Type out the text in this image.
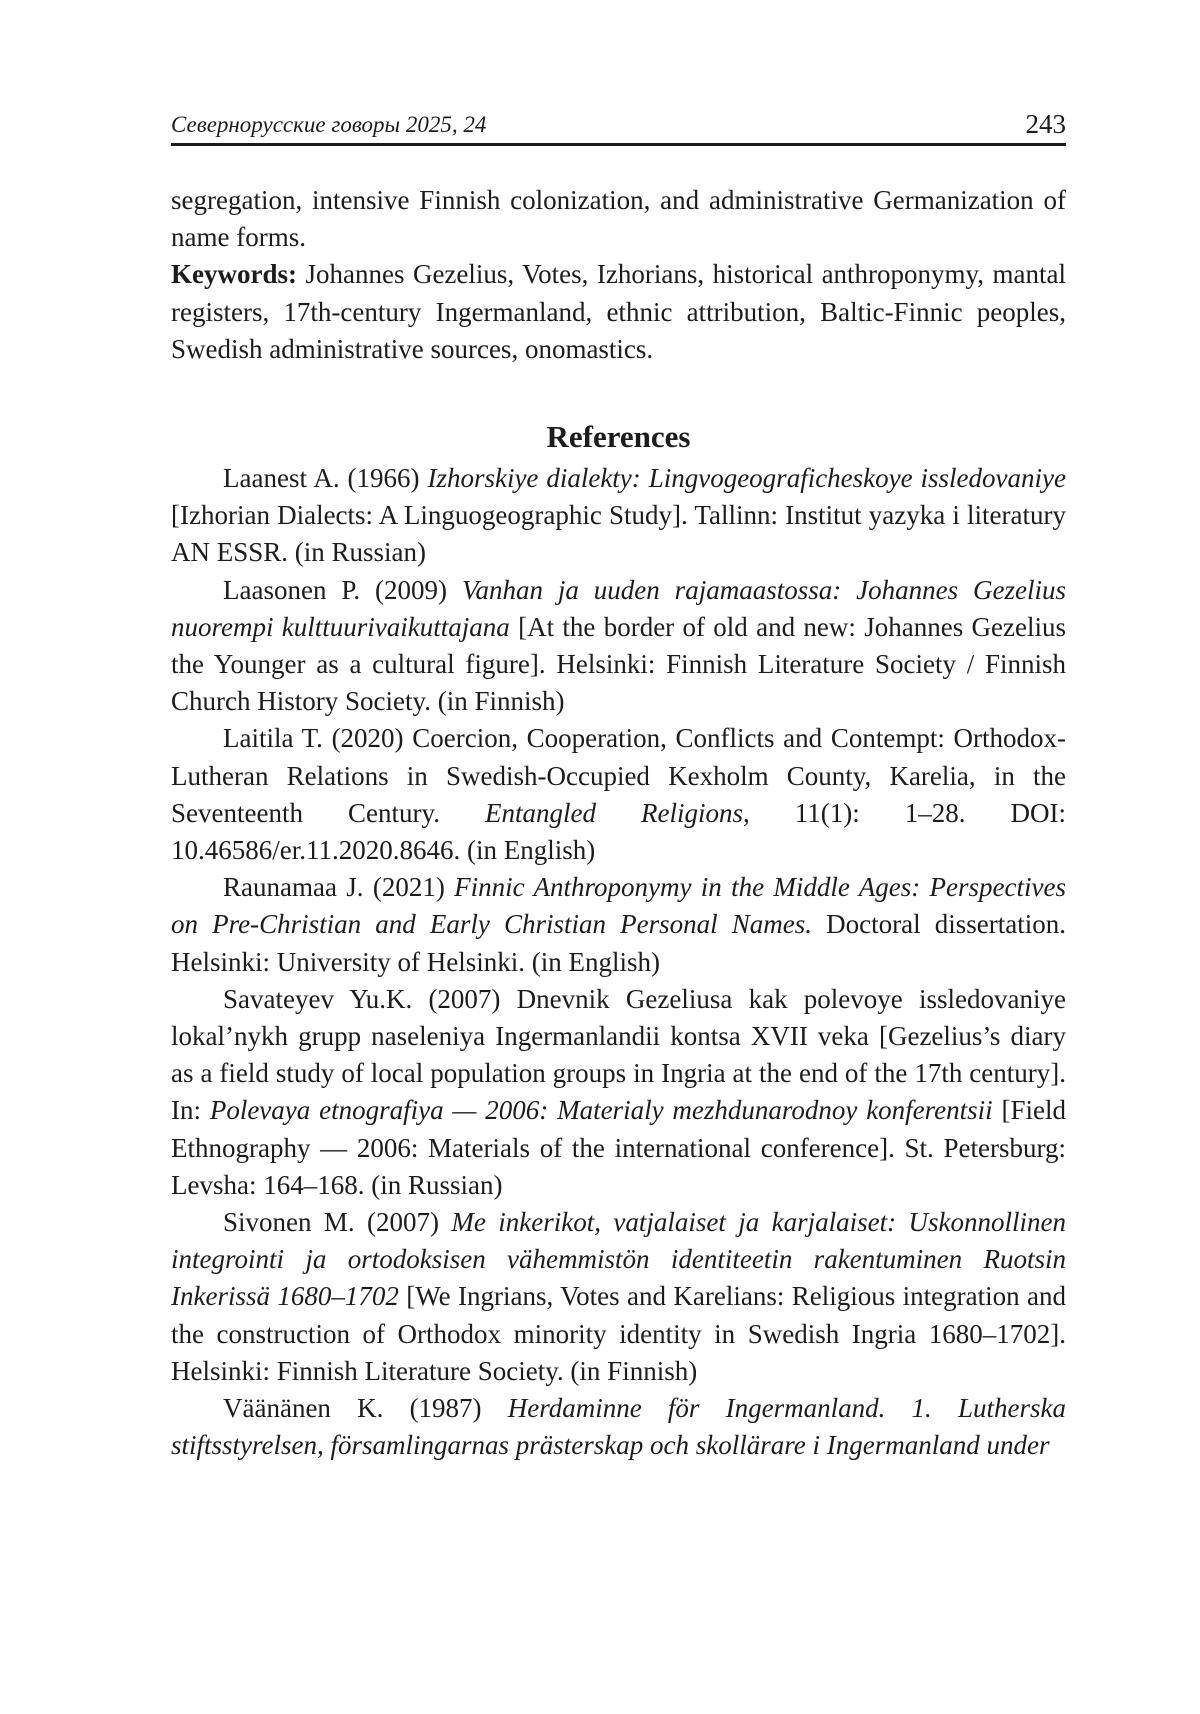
Севернорусские говоры 2025, 24	243

segregation, intensive Finnish colonization, and administrative Germanization of name forms.

Keywords: Johannes Gezelius, Votes, Izhorians, historical anthroponymy, mantal registers, 17th-century Ingermanland, ethnic attribution, Baltic-Finnic peoples, Swedish administrative sources, onomastics.

References

Laanest A. (1966) Izhorskiye dialekty: Lingvogeograficheskoye issledovaniye [Izhorian Dialects: A Linguogeographic Study]. Tallinn: Institut yazyka i literatury AN ESSR. (in Russian)

Laasonen P. (2009) Vanhan ja uuden rajamaastossa: Johannes Gezelius nuorempi kulttuurivaikuttajana [At the border of old and new: Johannes Gezelius the Younger as a cultural figure]. Helsinki: Finnish Literature Society / Finnish Church History Society. (in Finnish)

Laitila T. (2020) Coercion, Cooperation, Conflicts and Contempt: Orthodox-Lutheran Relations in Swedish-Occupied Kexholm County, Karelia, in the Seventeenth Century. Entangled Religions, 11(1): 1–28. DOI: 10.46586/er.11.2020.8646. (in English)

Raunamaa J. (2021) Finnic Anthroponymy in the Middle Ages: Perspectives on Pre-Christian and Early Christian Personal Names. Doctoral dissertation. Helsinki: University of Helsinki. (in English)

Savateyev Yu.K. (2007) Dnevnik Gezeliusa kak polevoye issledovaniye lokal’nykh grupp naseleniya Ingermanlandii kontsa XVII veka [Gezelius’s diary as a field study of local population groups in Ingria at the end of the 17th century]. In: Polevaya etnografiya — 2006: Materialy mezhdunarodnoy konferentsii [Field Ethnography — 2006: Materials of the international conference]. St. Petersburg: Levsha: 164–168. (in Russian)

Sivonen M. (2007) Me inkerikot, vatjalaiset ja karjalaiset: Uskonnollinen integrointi ja ortodoksisen vähemmistön identiteetin rakentuminen Ruotsin Inkerissä 1680–1702 [We Ingrians, Votes and Karelians: Religious integration and the construction of Orthodox minority identity in Swedish Ingria 1680–1702]. Helsinki: Finnish Literature Society. (in Finnish)

Väänänen K. (1987) Herdaminne för Ingermanland. 1. Lutherska stiftsstyrelsen, församlingarnas prästerskap och skollärare i Ingermanland under
